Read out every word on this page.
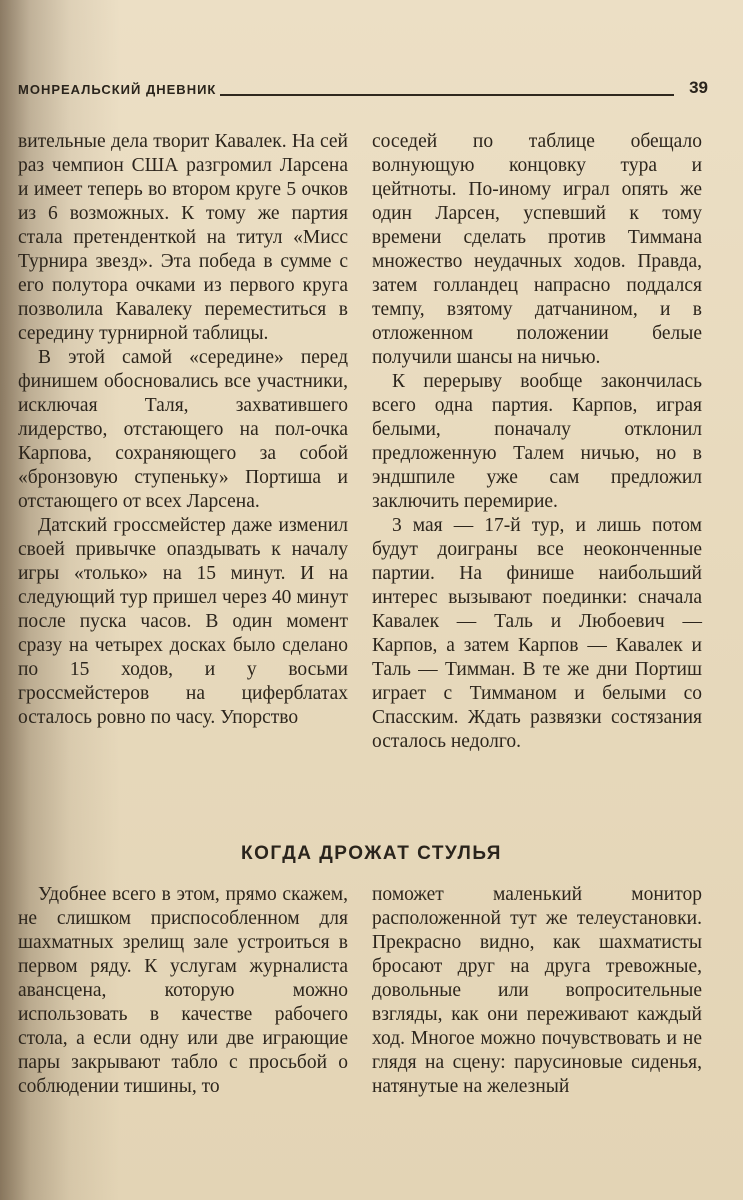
МОНРЕАЛЬСКИЙ ДНЕВНИК	39

вительные дела творит Кавалек. На сей раз чемпион США разгромил Ларсена и имеет теперь во втором круге 5 очков из 6 возможных. К тому же партия стала претенденткой на титул «Мисс Турнира звезд». Эта победа в сумме с его полутора очками из первого круга позволила Кавалеку переместиться в середину турнирной таблицы.

В этой самой «середине» перед финишем обосновались все участники, исключая Таля, захватившего лидерство, отстающего на пол-очка Карпова, сохраняющего за собой «бронзовую ступеньку» Портиша и отстающего от всех Ларсена.

Датский гроссмейстер даже изменил своей привычке опаздывать к началу игры «только» на 15 минут. И на следующий тур пришел через 40 минут после пуска часов. В один момент сразу на четырех досках было сделано по 15 ходов, и у восьми гроссмейстеров на циферблатах осталось ровно по часу. Упорство

соседей по таблице обещало волнующую концовку тура и цейтноты. По-иному играл опять же один Ларсен, успевший к тому времени сделать против Тиммана множество неудачных ходов. Правда, затем голландец напрасно поддался темпу, взятому датчанином, и в отложенном положении белые получили шансы на ничью.

К перерыву вообще закончилась всего одна партия. Карпов, играя белыми, поначалу отклонил предложенную Талем ничью, но в эндшпиле уже сам предложил заключить перемирие.

3 мая — 17-й тур, и лишь потом будут доиграны все неоконченные партии. На финише наибольший интерес вызывают поединки: сначала Кавалек — Таль и Любоевич — Карпов, а затем Карпов — Кавалек и Таль — Тимман. В те же дни Портиш играет с Тимманом и белыми со Спасским. Ждать развязки состязания осталось недолго.

КОГДА ДРОЖАТ СТУЛЬЯ

Удобнее всего в этом, прямо скажем, не слишком приспособленном для шахматных зрелищ зале устроиться в первом ряду. К услугам журналиста авансцена, которую можно использовать в качестве рабочего стола, а если одну или две играющие пары закрывают табло с просьбой о соблюдении тишины, то

поможет маленький монитор расположенной тут же телеустановки. Прекрасно видно, как шахматисты бросают друг на друга тревожные, довольные или вопросительные взгляды, как они переживают каждый ход. Многое можно почувствовать и не глядя на сцену: парусиновые сиденья, натянутые на железный
